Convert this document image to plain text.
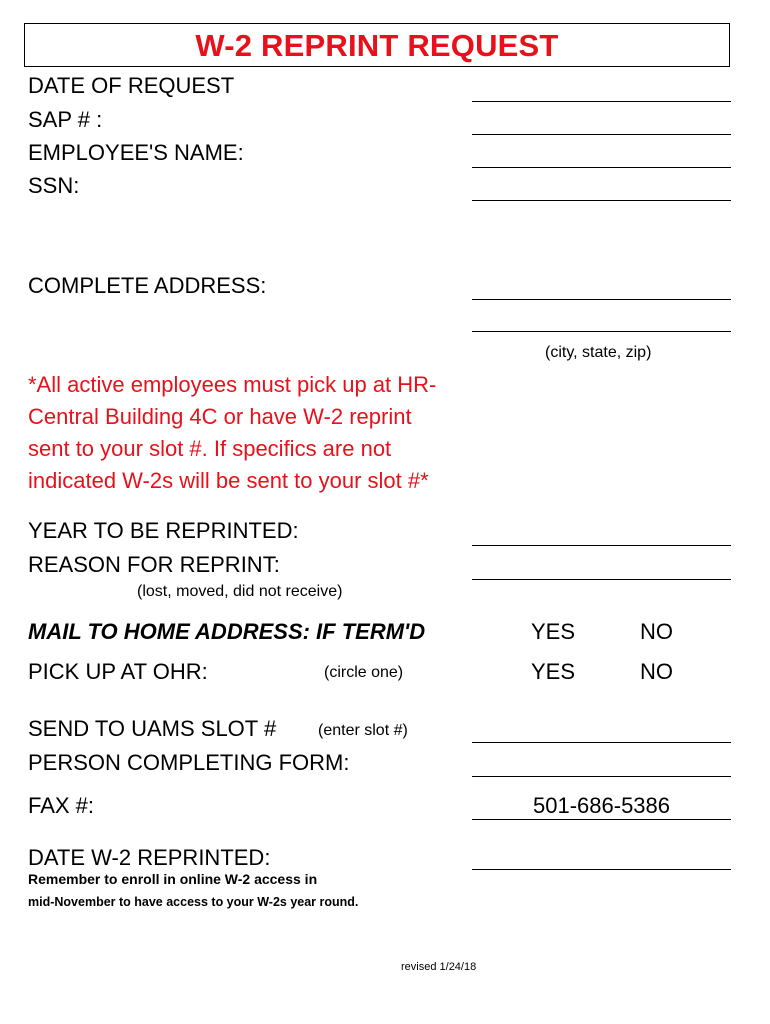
W-2 REPRINT REQUEST
DATE OF REQUEST
SAP # :
EMPLOYEE'S NAME:
SSN:
COMPLETE ADDRESS:
(city, state, zip)
*All active employees must pick up at HR-
Central Building 4C or have W-2 reprint
sent to your slot #. If specifics are not
indicated W-2s will be sent to your slot #*
YEAR TO BE REPRINTED:
REASON FOR REPRINT:
(lost, moved, did not receive)
MAIL TO HOME ADDRESS: IF TERM'D	YES	NO
PICK UP AT OHR:	(circle one)	YES	NO
SEND TO UAMS SLOT #	(enter slot #)
PERSON COMPLETING FORM:
FAX #:	501-686-5386
DATE W-2 REPRINTED:
Remember to enroll in online W-2 access in
mid-November to have access to your W-2s year round.
revised 1/24/18
